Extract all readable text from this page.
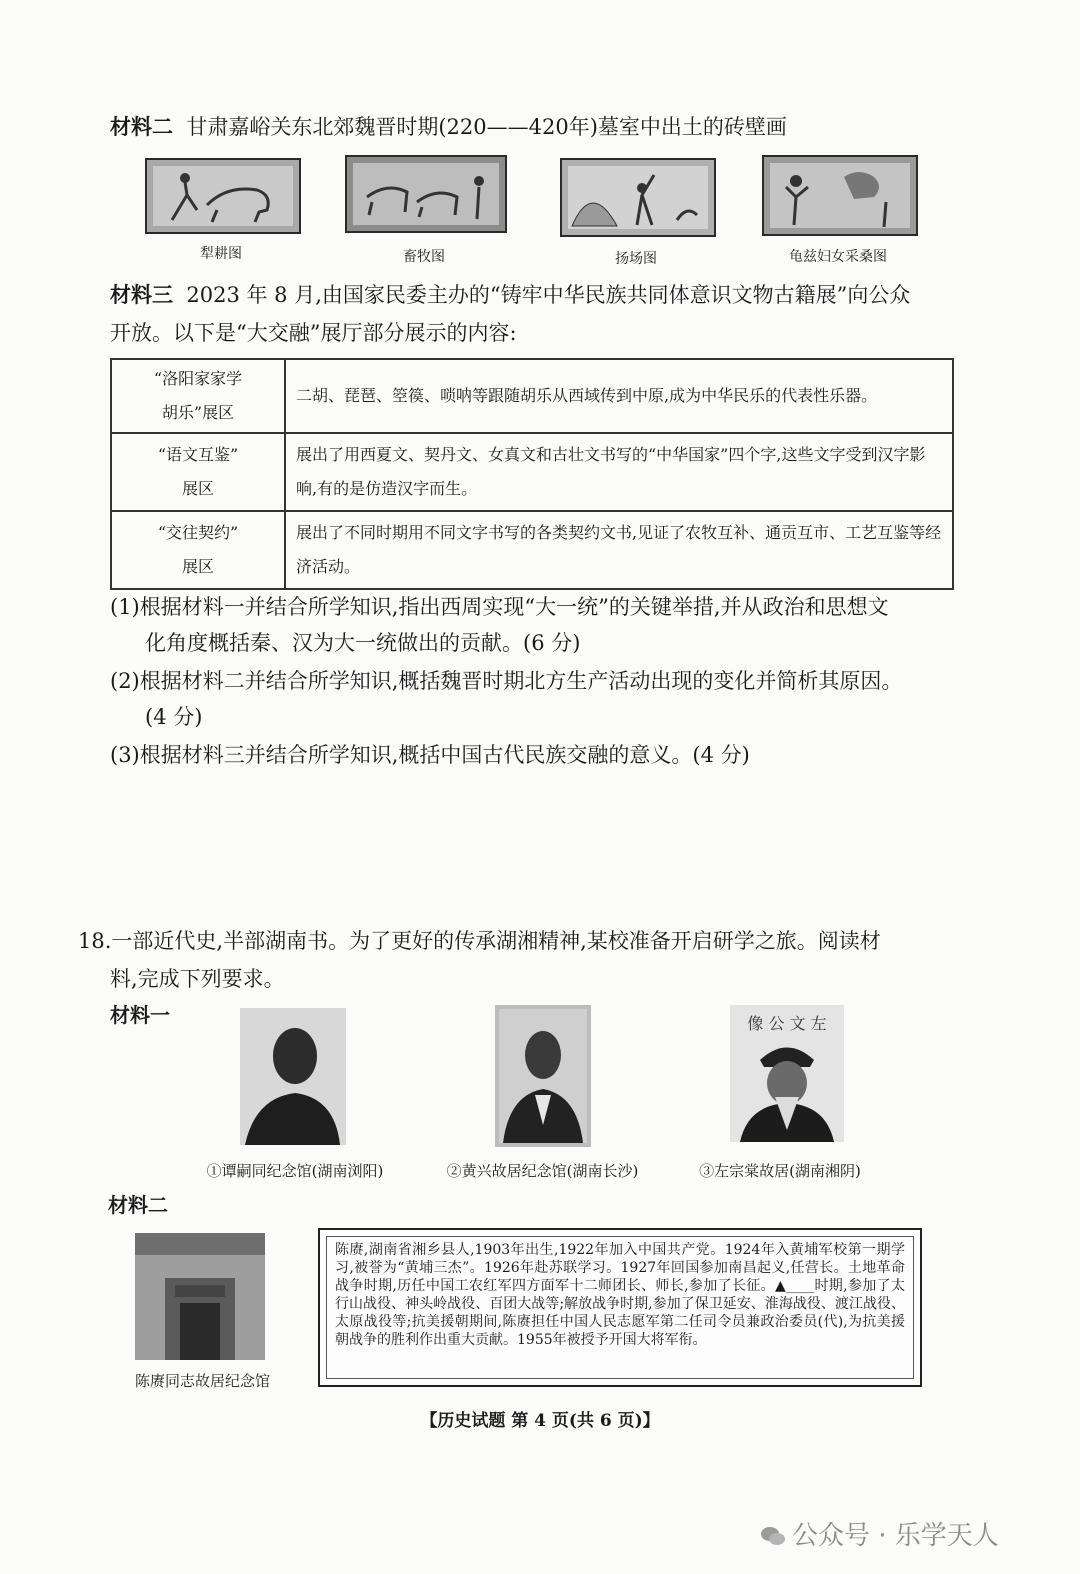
材料二 甘肃嘉峪关东北郊魏晋时期(220——420年)墓室中出土的砖壁画
犁耕图	畜牧图	扬场图	龟兹妇女采桑图
材料三 2023 年 8 月,由国家民委主办的“铸牢中华民族共同体意识文物古籍展”向公众
开放。以下是“大交融”展厅部分展示的内容:
“洛阳家家学
胡乐”展区	二胡、琵琶、箜篌、唢呐等跟随胡乐从西域传到中原,成为中华民乐的代表性乐器。
“语文互鉴”
展区	展出了用西夏文、契丹文、女真文和古壮文书写的“中华国家”四个字,这些文字受到汉字影响,有的是仿造汉字而生。
“交往契约”
展区	展出了不同时期用不同文字书写的各类契约文书,见证了农牧互补、通贡互市、工艺互鉴等经济活动。
(1)根据材料一并结合所学知识,指出西周实现“大一统”的关键举措,并从政治和思想文
化角度概括秦、汉为大一统做出的贡献。(6 分)
(2)根据材料二并结合所学知识,概括魏晋时期北方生产活动出现的变化并简析其原因。
(4 分)
(3)根据材料三并结合所学知识,概括中国古代民族交融的意义。(4 分)
18.一部近代史,半部湖南书。为了更好的传承湖湘精神,某校准备开启研学之旅。阅读材
料,完成下列要求。
材料一	像 公 文 左
①谭嗣同纪念馆(湖南浏阳)	②黄兴故居纪念馆(湖南长沙)	③左宗棠故居(湖南湘阴)
材料二
陈赓同志故居纪念馆
陈赓,湖南省湘乡县人,1903年出生,1922年加入中国共产党。1924年入黄埔军校第一期学习,被誉为“黄埔三杰”。1926年赴苏联学习。1927年回国参加南昌起义,任营长。土地革命战争时期,历任中国工农红军四方面军十二师团长、师长,参加了长征。▲____时期,参加了太行山战役、神头岭战役、百团大战等;解放战争时期,参加了保卫延安、淮海战役、渡江战役、太原战役等;抗美援朝期间,陈赓担任中国人民志愿军第二任司令员兼政治委员(代),为抗美援朝战争的胜利作出重大贡献。1955年被授予开国大将军衔。
【历史试题 第 4 页(共 6 页)】
公众号 · 乐学天人
